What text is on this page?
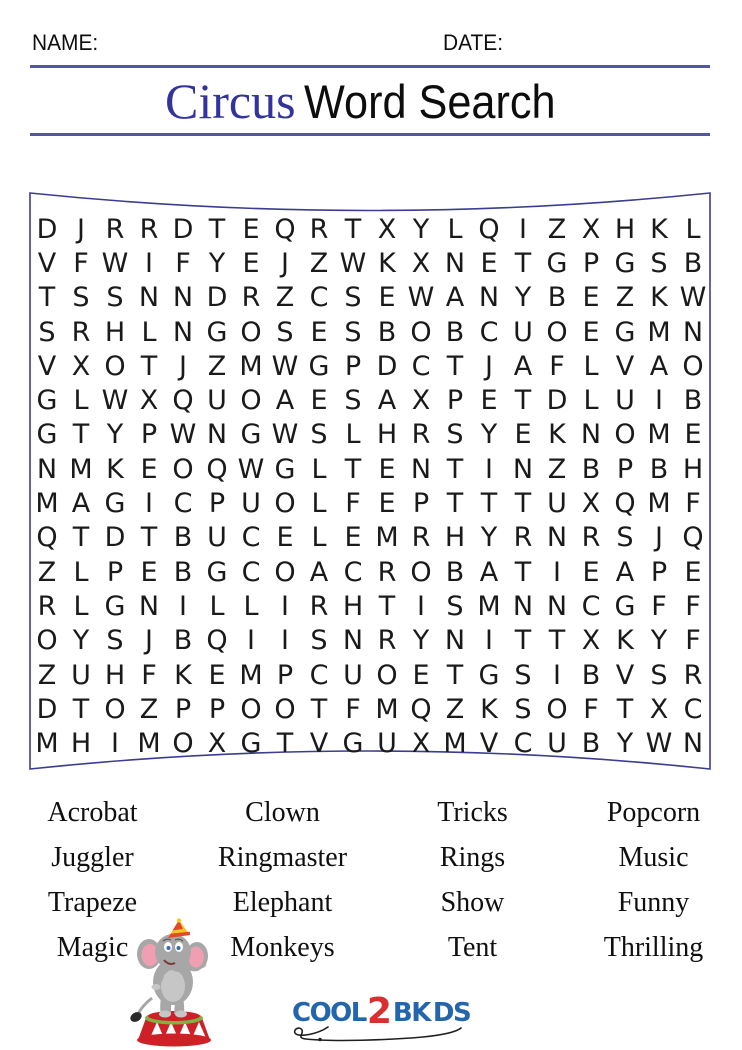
NAME:	DATE:
Circus Word Search
D J R R D T E Q R T X Y L Q I Z X H K L
V F W I F Y E J Z W K X N E T G P G S B
T S S N N D R Z C S E W A N Y B E Z K W
S R H L N G O S E S B O B C U O E G M N
V X O T J Z M W G P D C T J A F L V A O
G L W X Q U O A E S A X P E T D L U I B
G T Y P W N G W S L H R S Y E K N O M E
N M K E O Q W G L T E N T I N Z B P B H
M A G I C P U O L F E P T T T U X Q M F
Q T D T B U C E L E M R H Y R N R S J Q
Z L P E B G C O A C R O B A T I E A P E
R L G N I L L I R H T I S M N N C G F F
O Y S J B Q I I S N R Y N I T T X K Y F
Z U H F K E M P C U O E T G S I B V S R
D T O Z P P O O T F M Q Z K S O F T X C
M H I M O X G T V G U X M V C U B Y W N
Acrobat
Juggler
Trapeze
Magic
Clown
Ringmaster
Elephant
Monkeys
Tricks
Rings
Show
Tent
Popcorn
Music
Funny
Thrilling
COOL 2 BK DS
